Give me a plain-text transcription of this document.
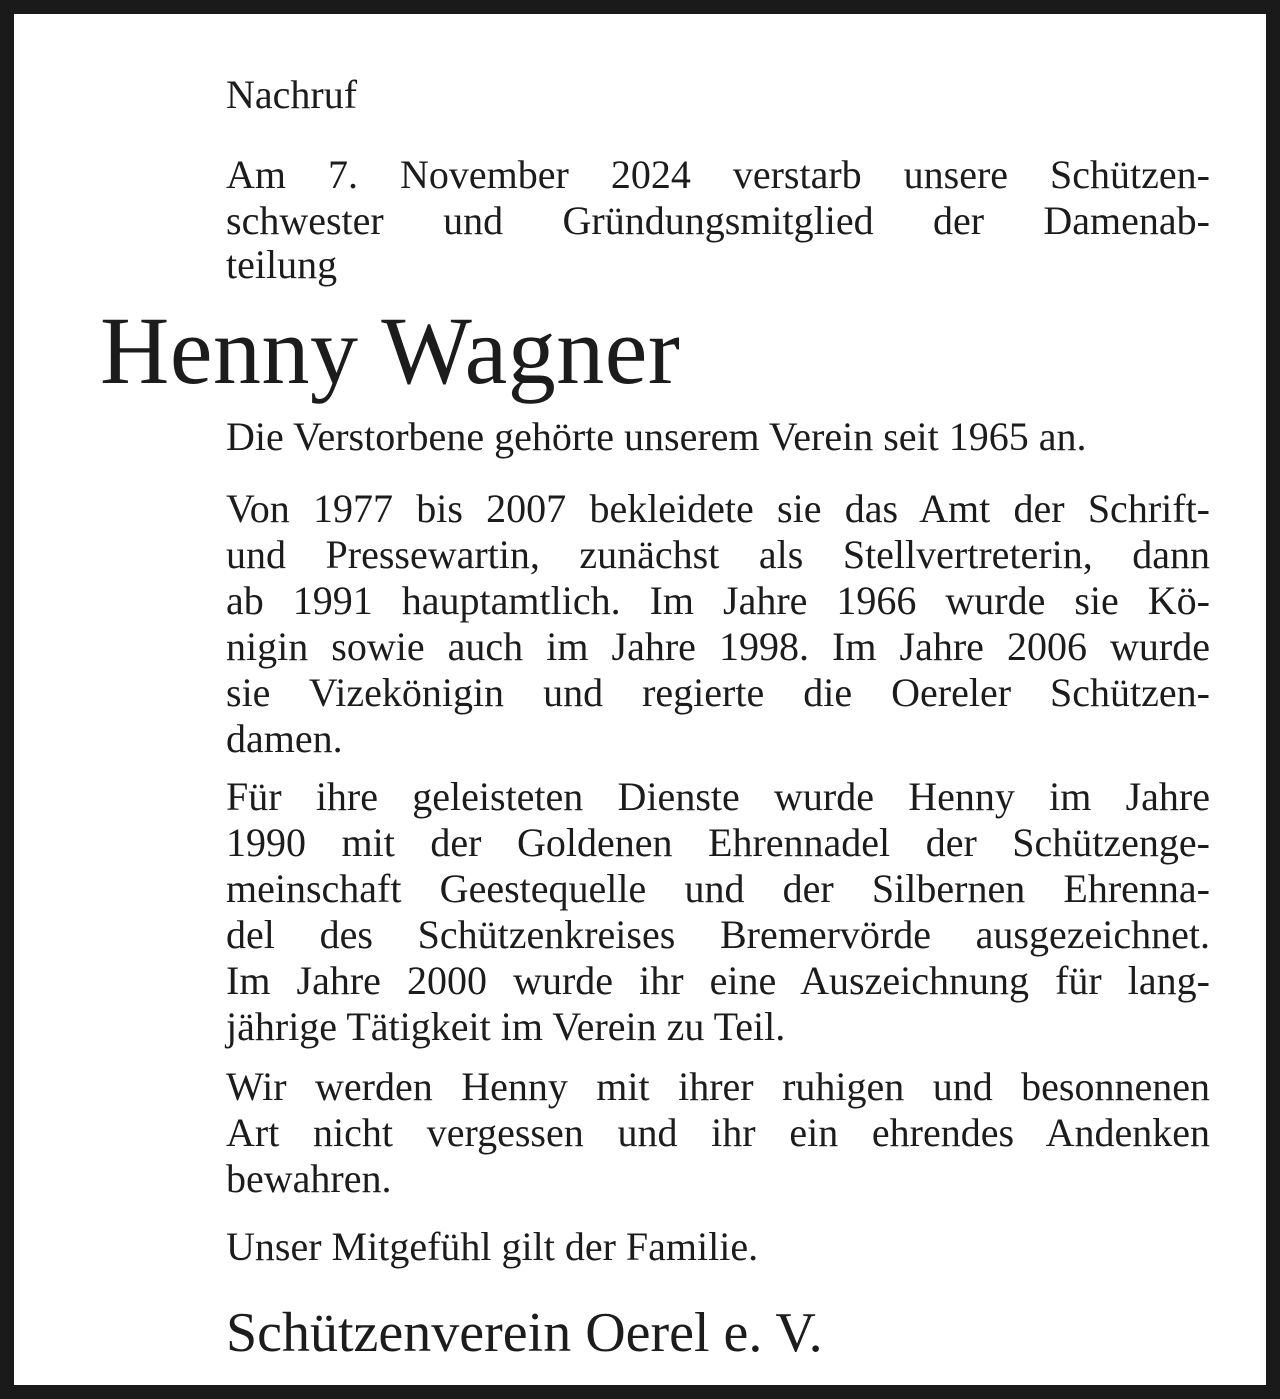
Nachruf
Am 7. November 2024 verstarb unsere Schützen-
schwester und Gründungsmitglied der Damenab-
teilung
Henny Wagner
Die Verstorbene gehörte unserem Verein seit 1965 an.
Von 1977 bis 2007 bekleidete sie das Amt der Schrift-
und Pressewartin, zunächst als Stellvertreterin, dann
ab 1991 hauptamtlich. Im Jahre 1966 wurde sie Kö-
nigin sowie auch im Jahre 1998. Im Jahre 2006 wurde
sie Vizekönigin und regierte die Oereler Schützen-
damen.
Für ihre geleisteten Dienste wurde Henny im Jahre
1990 mit der Goldenen Ehrennadel der Schützenge-
meinschaft Geestequelle und der Silbernen Ehrenna-
del des Schützenkreises Bremervörde ausgezeichnet.
Im Jahre 2000 wurde ihr eine Auszeichnung für lang-
jährige Tätigkeit im Verein zu Teil.
Wir werden Henny mit ihrer ruhigen und besonnenen
Art nicht vergessen und ihr ein ehrendes Andenken
bewahren.
Unser Mitgefühl gilt der Familie.
Schützenverein Oerel e. V.
